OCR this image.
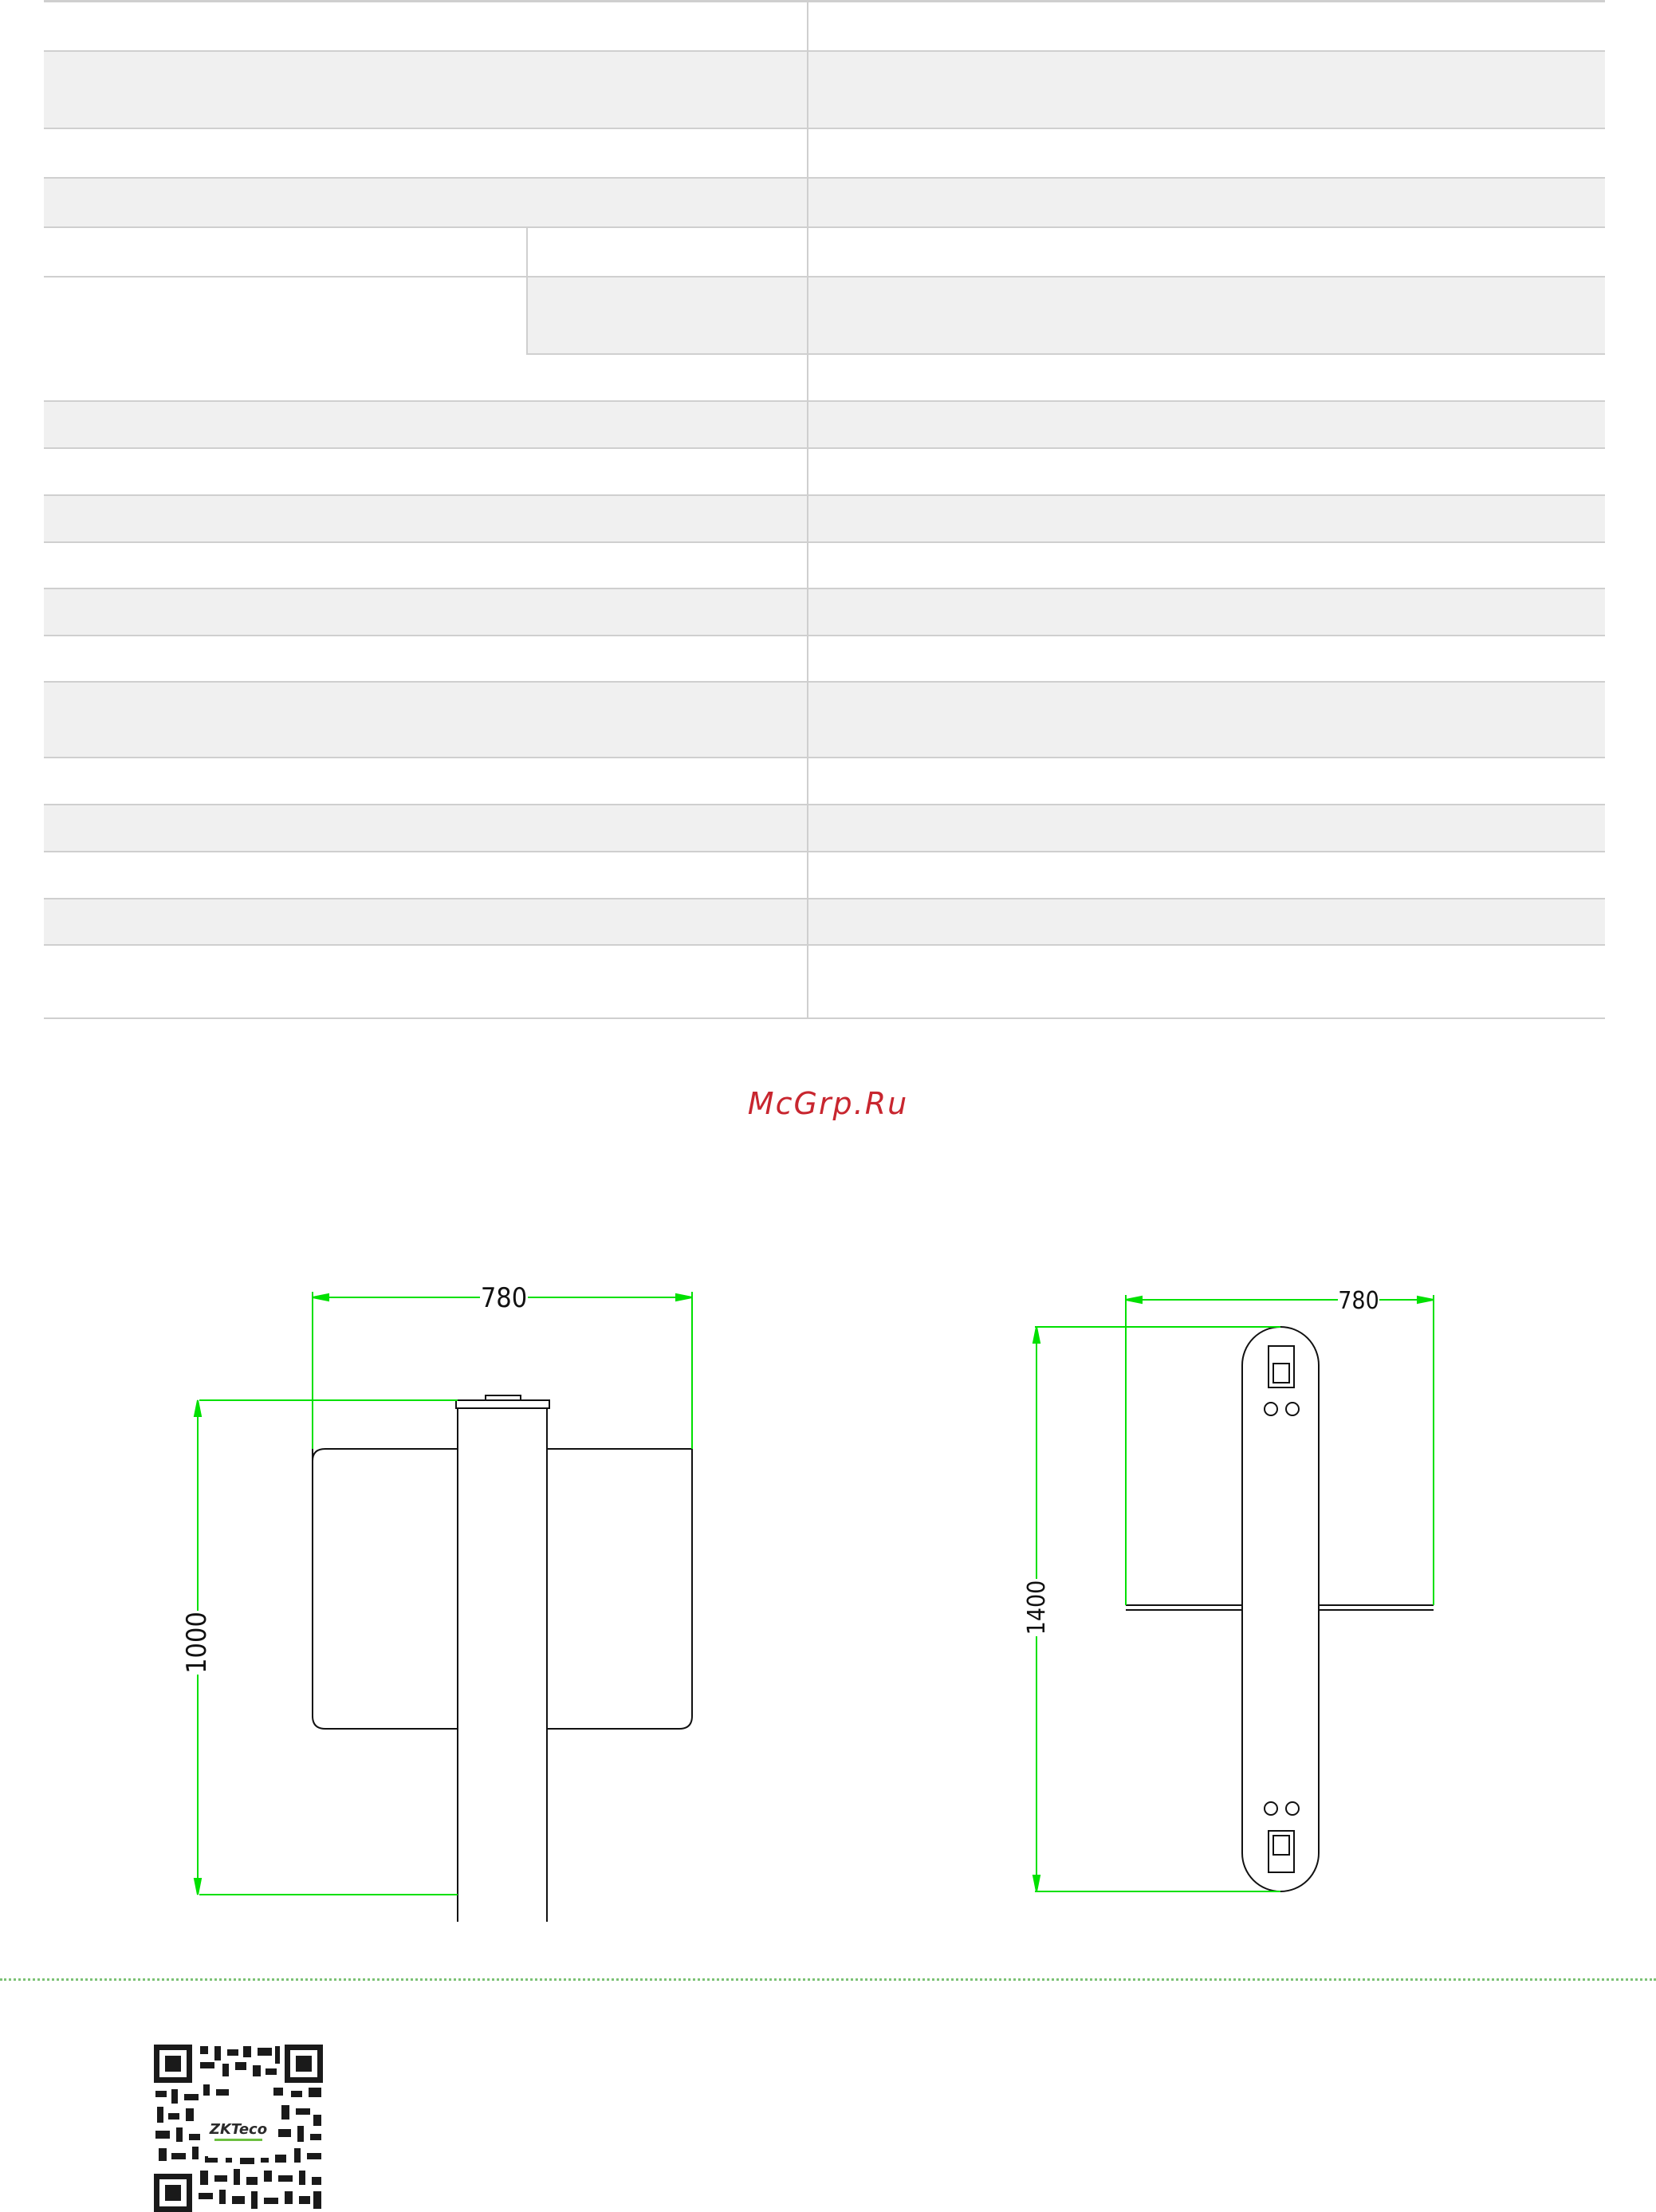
McGrp.Ru
780
1000
780
1400
ZKTeco
